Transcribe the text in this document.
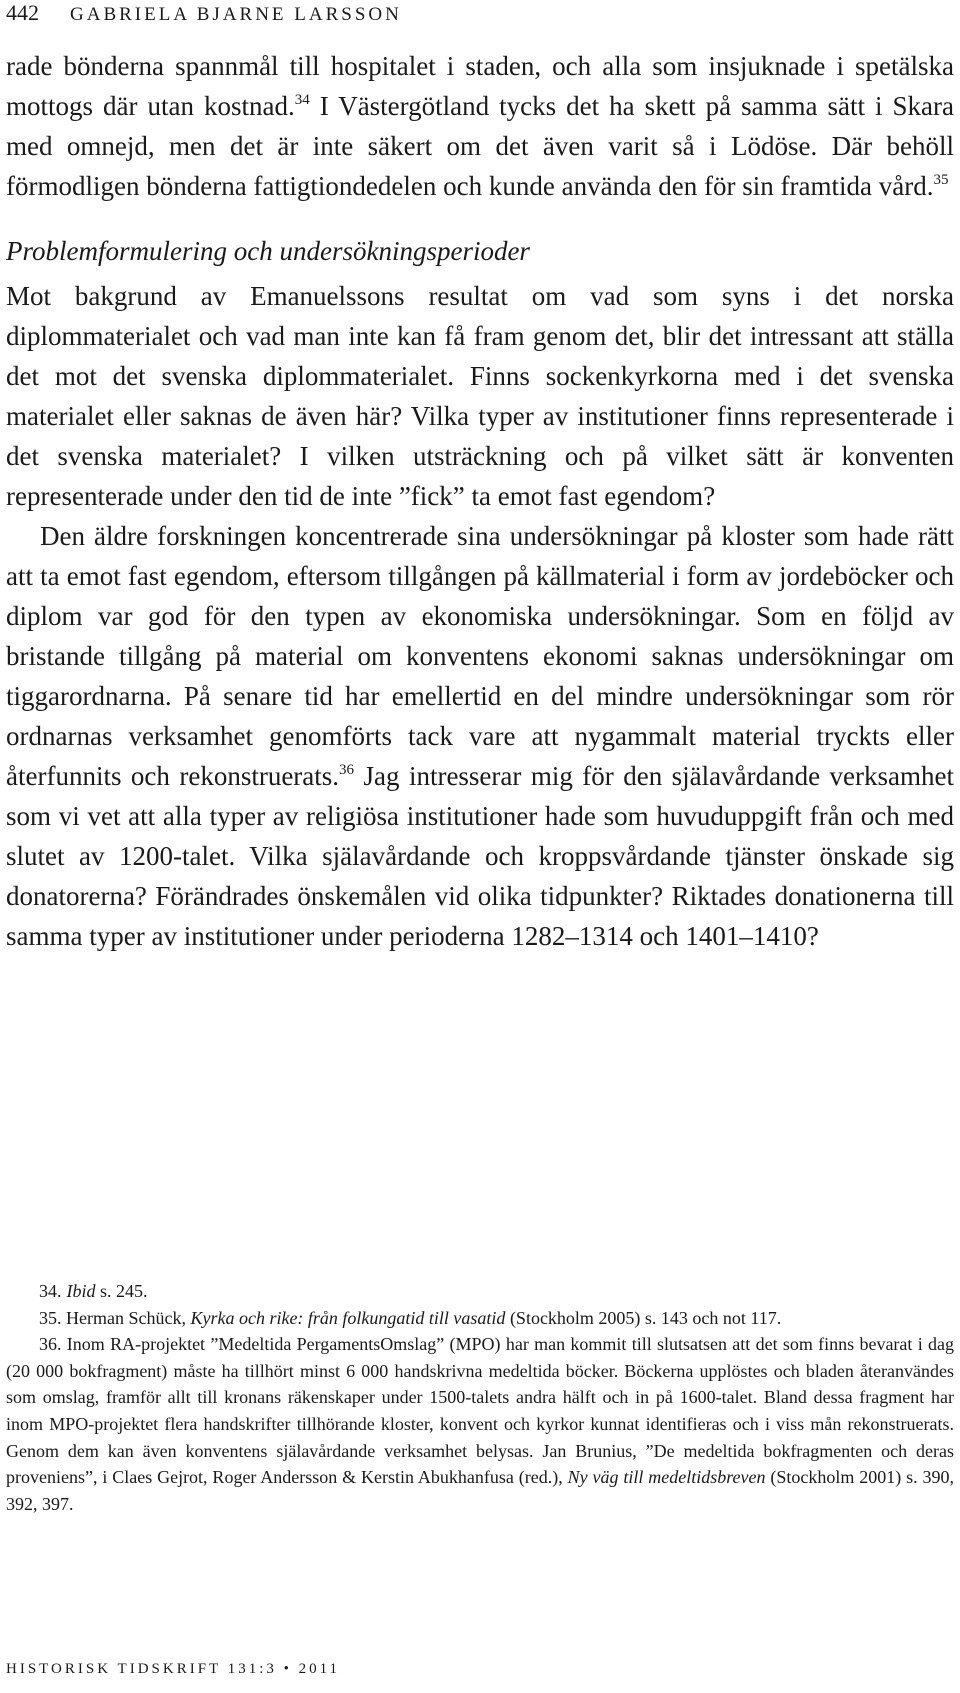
442 GABRIELA BJARNE LARSSON

rade bönderna spannmål till hospitalet i staden, och alla som insjuknade i spetälska mottogs där utan kostnad.$^{34}$ I Västergötland tycks det ha skett på samma sätt i Skara med omnejd, men det är inte säkert om det även varit så i Lödöse. Där behöll förmodligen bönderna fattigtiondedelen och kunde använda den för sin framtida vård.$^{35}$

Problemformulering och undersökningsperioder

Mot bakgrund av Emanuelssons resultat om vad som syns i det norska diplommaterialet och vad man inte kan få fram genom det, blir det intressant att ställa det mot det svenska diplommaterialet. Finns sockenkyrkorna med i det svenska materialet eller saknas de även här? Vilka typer av institutioner finns representerade i det svenska materialet? I vilken utsträckning och på vilket sätt är konventen representerade under den tid de inte ”fick” ta emot fast egendom?

Den äldre forskningen koncentrerade sina undersökningar på kloster som hade rätt att ta emot fast egendom, eftersom tillgången på källmaterial i form av jordeböcker och diplom var god för den typen av ekonomiska undersökningar. Som en följd av bristande tillgång på material om konventens ekonomi saknas undersökningar om tiggarordnarna. På senare tid har emellertid en del mindre undersökningar som rör ordnarnas verksamhet genomförts tack vare att nygammalt material tryckts eller återfunnits och rekonstruerats.$^{36}$ Jag intresserar mig för den själavårdande verksamhet som vi vet att alla typer av religiösa institutioner hade som huvuduppgift från och med slutet av 1200-talet. Vilka själavårdande och kroppsvårdande tjänster önskade sig donatorerna? Förändrades önskemålen vid olika tidpunkter? Riktades donationerna till samma typer av institutioner under perioderna 1282–1314 och 1401–1410?

34. Ibid s. 245.

35. Herman Schück, Kyrka och rike: från folkungatid till vasatid (Stockholm 2005) s. 143 och not 117.

36. Inom RA-projektet ”Medeltida PergamentsOmslag” (MPO) har man kommit till slutsatsen att det som finns bevarat i dag (20 000 bokfragment) måste ha tillhört minst 6 000 handskrivna medeltida böcker. Böckerna upplöstes och bladen återanvändes som omslag, framför allt till kronans räkenskaper under 1500-talets andra hälft och in på 1600-talet. Bland dessa fragment har inom MPO-projektet flera handskrifter tillhörande kloster, konvent och kyrkor kunnat identifieras och i viss mån rekonstruerats. Genom dem kan även konventens själavårdande verksamhet belysas. Jan Brunius, ”De medeltida bokfragmenten och deras proveniens”, i Claes Gejrot, Roger Andersson & Kerstin Abukhanfusa (red.), Ny väg till medeltidsbreven (Stockholm 2001) s. 390, 392, 397.

HISTORISK TIDSKRIFT 131:3 • 2011
